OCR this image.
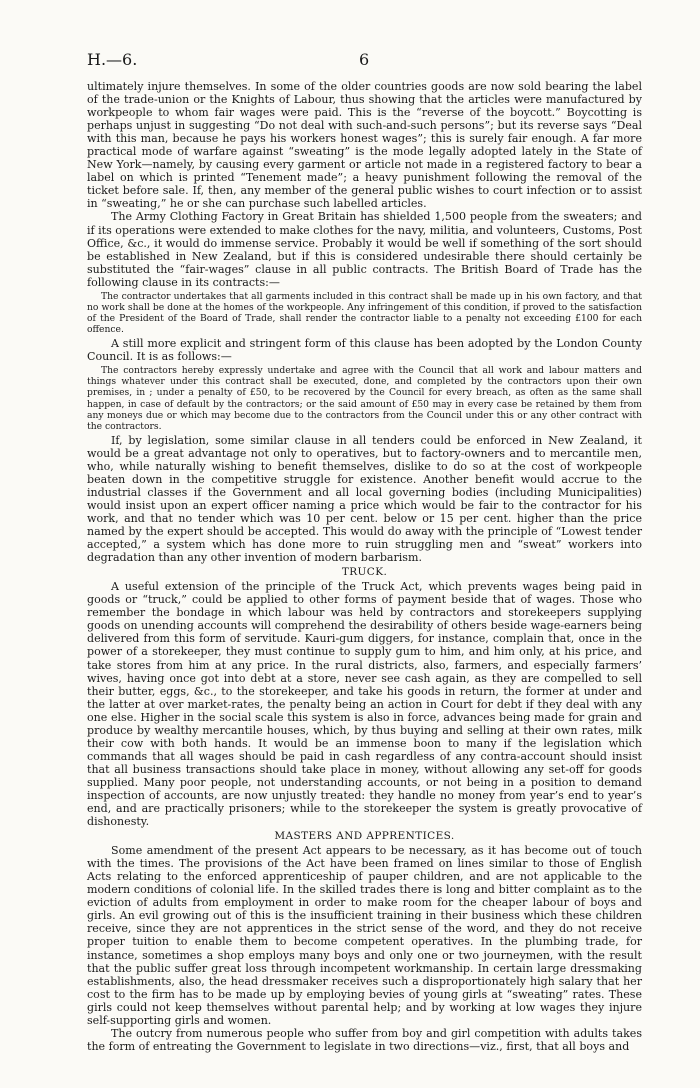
H.—6.	6

ultimately injure themselves. In some of the older countries goods are now sold bearing the label of the trade-union or the Knights of Labour, thus showing that the articles were manufactured by workpeople to whom fair wages were paid. This is the “reverse of the boycott.” Boycotting is perhaps unjust in suggesting “Do not deal with such-and-such persons”; but its reverse says “Deal with this man, because he pays his workers honest wages”; this is surely fair enough. A far more practical mode of warfare against “sweating” is the mode legally adopted lately in the State of New York—namely, by causing every garment or article not made in a registered factory to bear a label on which is printed “Tenement made”; a heavy punishment following the removal of the ticket before sale. If, then, any member of the general public wishes to court infection or to assist in “sweating,” he or she can purchase such labelled articles.

The Army Clothing Factory in Great Britain has shielded 1,500 people from the sweaters; and if its operations were extended to make clothes for the navy, militia, and volunteers, Customs, Post Office, &c., it would do immense service. Probably it would be well if something of the sort should be established in New Zealand, but if this is considered undesirable there should certainly be substituted the “fair-wages” clause in all public contracts. The British Board of Trade has the following clause in its contracts:—

The contractor undertakes that all garments included in this contract shall be made up in his own factory, and that no work shall be done at the homes of the workpeople. Any infringement of this condition, if proved to the satisfaction of the President of the Board of Trade, shall render the contractor liable to a penalty not exceeding £100 for each offence.

A still more explicit and stringent form of this clause has been adopted by the London County Council. It is as follows:—

The contractors hereby expressly undertake and agree with the Council that all work and labour matters and things whatever under this contract shall be executed, done, and completed by the contractors upon their own premises, in ; under a penalty of £50, to be recovered by the Council for every breach, as often as the same shall happen, in case of default by the contractors; or the said amount of £50 may in every case be retained by them from any moneys due or which may become due to the contractors from the Council under this or any other contract with the contractors.

If, by legislation, some similar clause in all tenders could be enforced in New Zealand, it would be a great advantage not only to operatives, but to factory-owners and to mercantile men, who, while naturally wishing to benefit themselves, dislike to do so at the cost of workpeople beaten down in the competitive struggle for existence. Another benefit would accrue to the industrial classes if the Government and all local governing bodies (including Municipalities) would insist upon an expert officer naming a price which would be fair to the contractor for his work, and that no tender which was 10 per cent. below or 15 per cent. higher than the price named by the expert should be accepted. This would do away with the principle of “Lowest tender accepted,” a system which has done more to ruin struggling men and “sweat” workers into degradation than any other invention of modern barbarism.

TRUCK.

A useful extension of the principle of the Truck Act, which prevents wages being paid in goods or “truck,” could be applied to other forms of payment beside that of wages. Those who remember the bondage in which labour was held by contractors and storekeepers supplying goods on unending accounts will comprehend the desirability of others beside wage-earners being delivered from this form of servitude. Kauri-gum diggers, for instance, complain that, once in the power of a storekeeper, they must continue to supply gum to him, and him only, at his price, and take stores from him at any price. In the rural districts, also, farmers, and especially farmers’ wives, having once got into debt at a store, never see cash again, as they are compelled to sell their butter, eggs, &c., to the storekeeper, and take his goods in return, the former at under and the latter at over market-rates, the penalty being an action in Court for debt if they deal with any one else. Higher in the social scale this system is also in force, advances being made for grain and produce by wealthy mercantile houses, which, by thus buying and selling at their own rates, milk their cow with both hands. It would be an immense boon to many if the legislation which commands that all wages should be paid in cash regardless of any contra-account should insist that all business transactions should take place in money, without allowing any set-off for goods supplied. Many poor people, not understanding accounts, or not being in a position to demand inspection of accounts, are now unjustly treated: they handle no money from year’s end to year’s end, and are practically prisoners; while to the storekeeper the system is greatly provocative of dishonesty.

MASTERS AND APPRENTICES.

Some amendment of the present Act appears to be necessary, as it has become out of touch with the times. The provisions of the Act have been framed on lines similar to those of English Acts relating to the enforced apprenticeship of pauper children, and are not applicable to the modern conditions of colonial life. In the skilled trades there is long and bitter complaint as to the eviction of adults from employment in order to make room for the cheaper labour of boys and girls. An evil growing out of this is the insufficient training in their business which these children receive, since they are not apprentices in the strict sense of the word, and they do not receive proper tuition to enable them to become competent operatives. In the plumbing trade, for instance, sometimes a shop employs many boys and only one or two journeymen, with the result that the public suffer great loss through incompetent workmanship. In certain large dressmaking establishments, also, the head dressmaker receives such a disproportionately high salary that her cost to the firm has to be made up by employing bevies of young girls at “sweating” rates. These girls could not keep themselves without parental help; and by working at low wages they injure self-supporting girls and women.

The outcry from numerous people who suffer from boy and girl competition with adults takes the form of entreating the Government to legislate in two directions—viz., first, that all boys and
